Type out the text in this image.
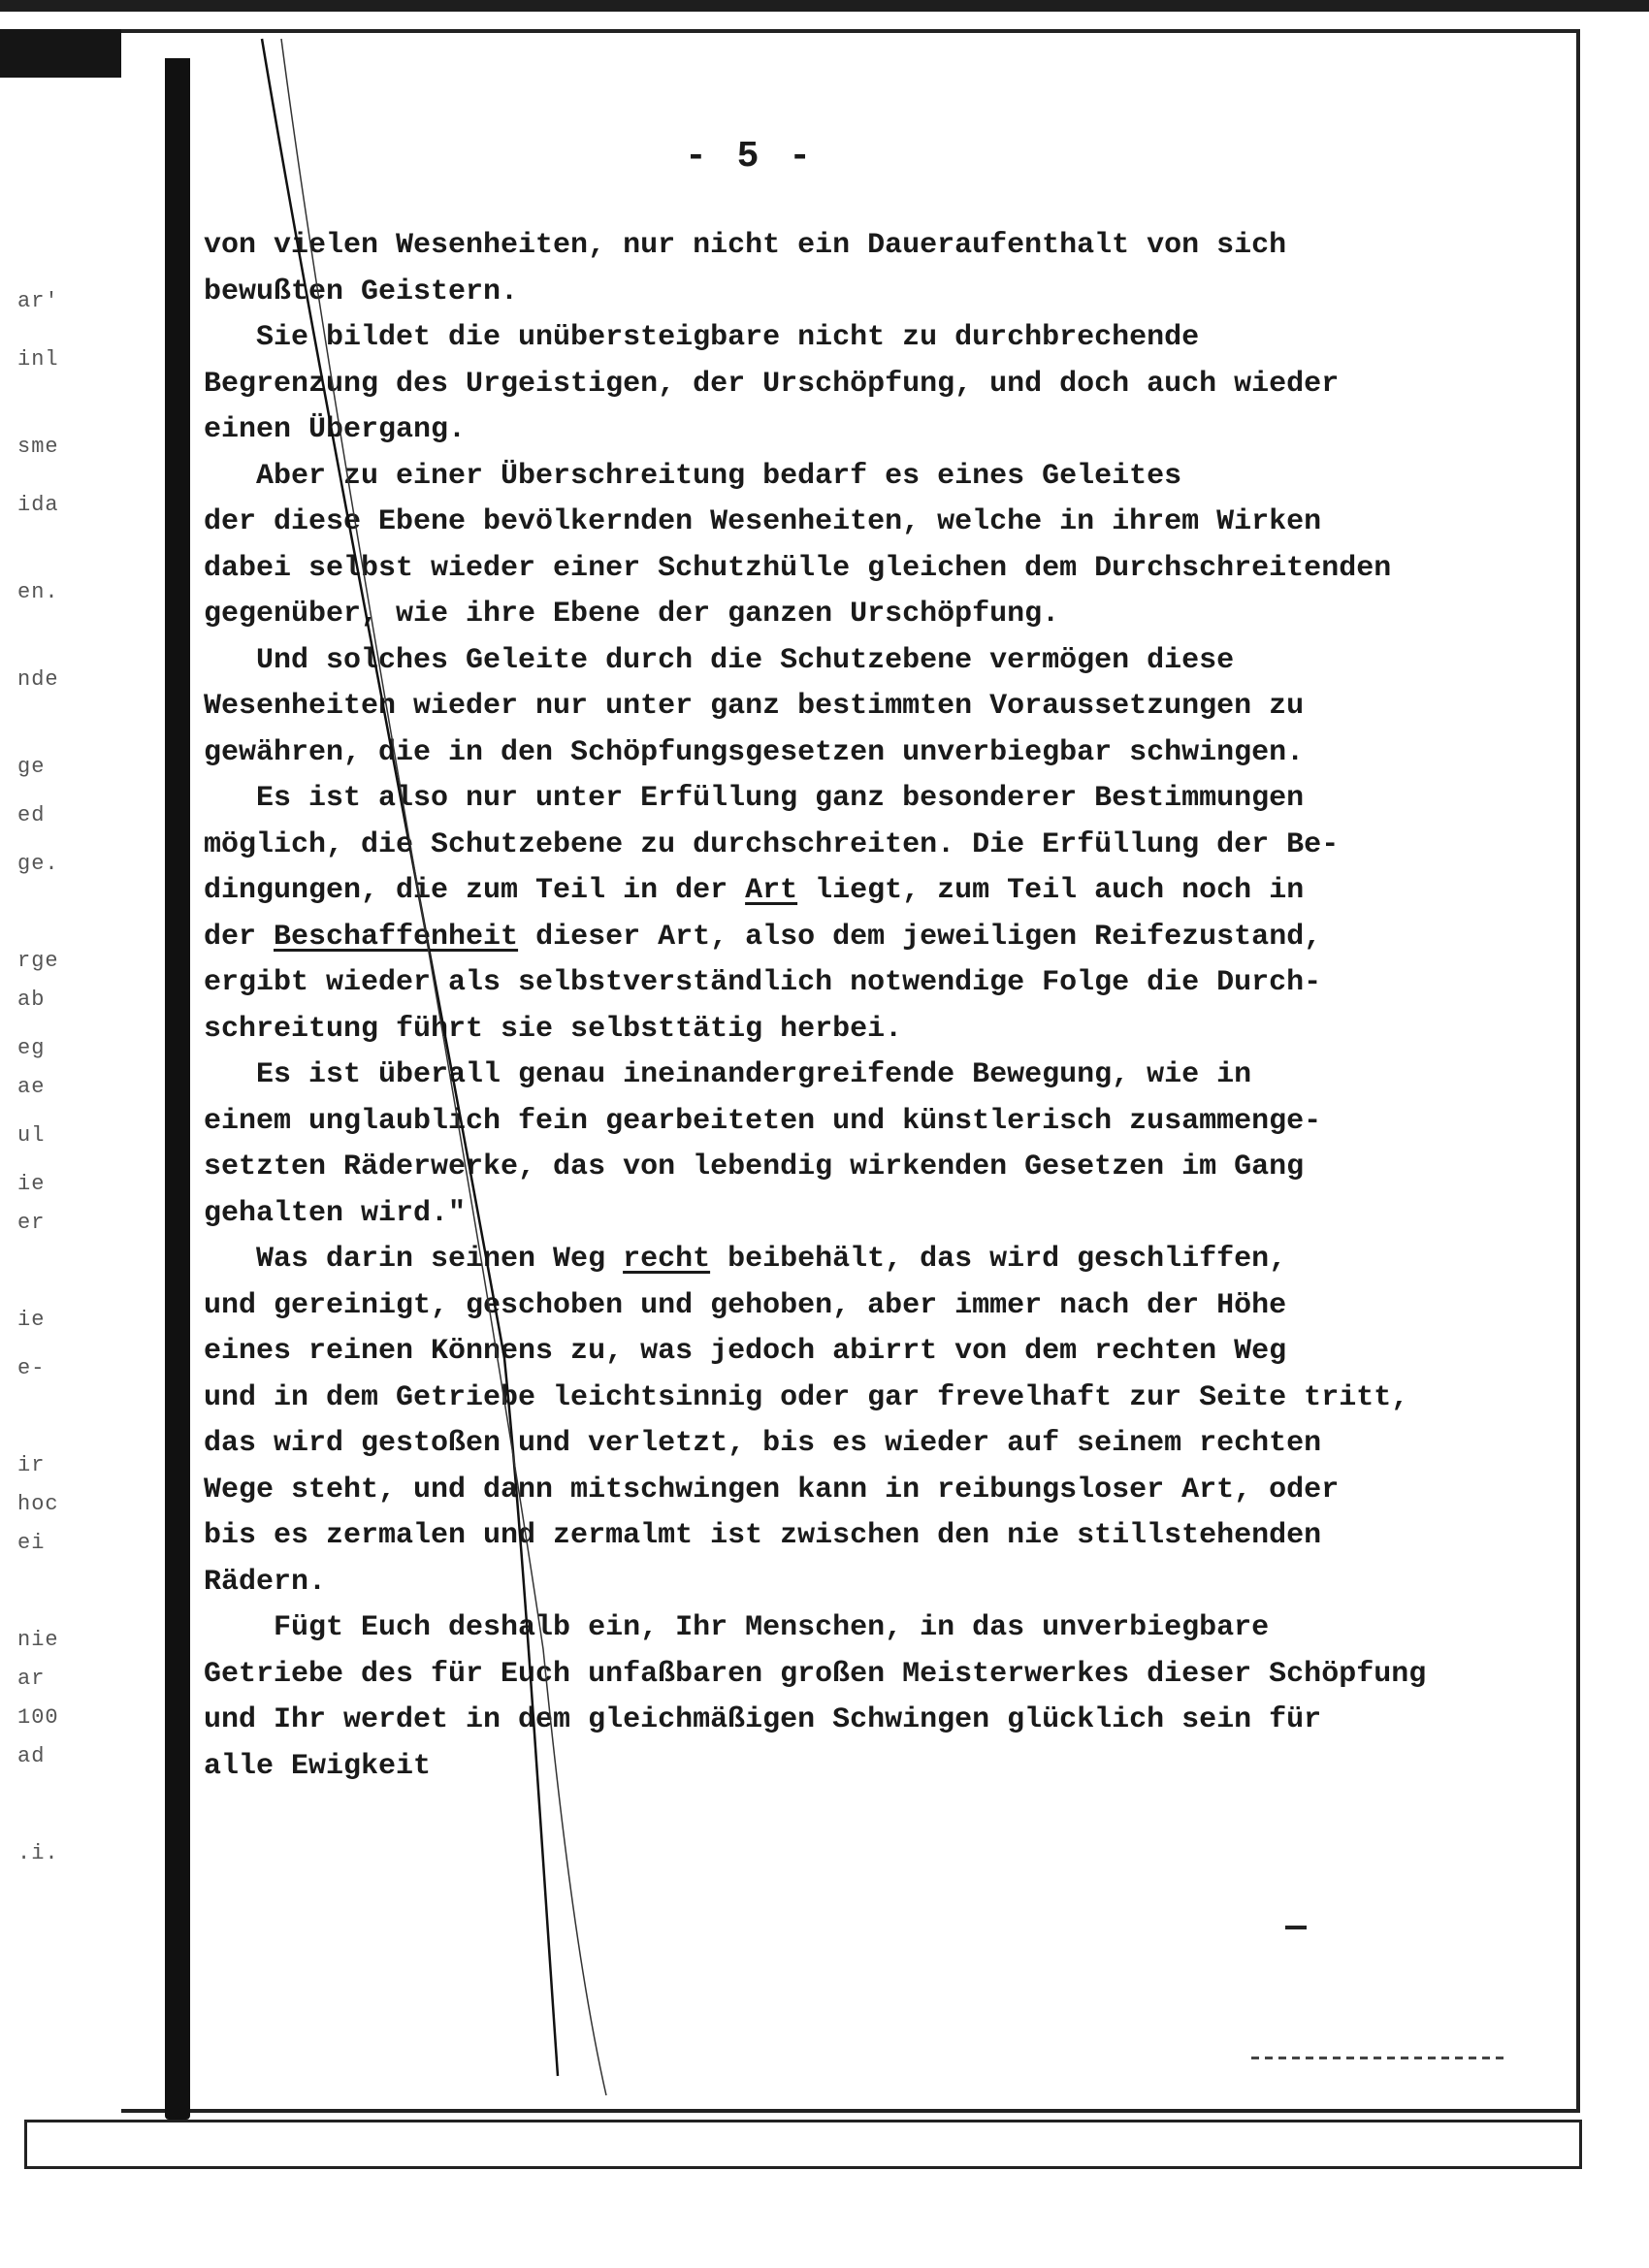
ar'
inl
sme
ida
en.
nde
ge
ed
ge.
rge
ab
eg
ae
ul
ie
er
ie
e-
ir
hoc
ei
nie
ar
100
ad
.i.
- 5 -
von vielen Wesenheiten, nur nicht ein Daueraufenthalt von sich
bewußten Geistern.
Sie bildet die unübersteigbare nicht zu durchbrechende
Begrenzung des Urgeistigen, der Urschöpfung, und doch auch wieder
einen Übergang.
Aber zu einer Überschreitung bedarf es eines Geleites
der diese Ebene bevölkernden Wesenheiten, welche in ihrem Wirken
dabei selbst wieder einer Schutzhülle gleichen dem Durchschreitenden
gegenüber, wie ihre Ebene der ganzen Urschöpfung.
Und solches Geleite durch die Schutzebene vermögen diese
Wesenheiten wieder nur unter ganz bestimmten Voraussetzungen zu
gewähren, die in den Schöpfungsgesetzen unverbiegbar schwingen.
Es ist also nur unter Erfüllung ganz besonderer Bestimmungen
möglich, die Schutzebene zu durchschreiten. Die Erfüllung der Be-
dingungen, die zum Teil in der Art liegt, zum Teil auch noch in
der Beschaffenheit dieser Art, also dem jeweiligen Reifezustand,
ergibt wieder als selbstverständlich notwendige Folge die Durch-
schreitung führt sie selbsttätig herbei.
Es ist überall genau ineinandergreifende Bewegung, wie in
einem unglaublich fein gearbeiteten und künstlerisch zusammenge-
setzten Räderwerke, das von lebendig wirkenden Gesetzen im Gang
gehalten wird."
Was darin seinen Weg recht beibehält, das wird geschliffen,
und gereinigt, geschoben und gehoben, aber immer nach der Höhe
eines reinen Könnens zu, was jedoch abirrt von dem rechten Weg
und in dem Getriebe leichtsinnig oder gar frevelhaft zur Seite tritt,
das wird gestoßen und verletzt, bis es wieder auf seinem rechten
Wege steht, und dann mitschwingen kann in reibungsloser Art, oder
bis es zermalen und zermalmt ist zwischen den nie stillstehenden
Rädern.
Fügt Euch deshalb ein, Ihr Menschen, in das unverbiegbare
Getriebe des für Euch unfaßbaren großen Meisterwerkes dieser Schöpfung
und Ihr werdet in dem gleichmäßigen Schwingen glücklich sein für
alle Ewigkeit
